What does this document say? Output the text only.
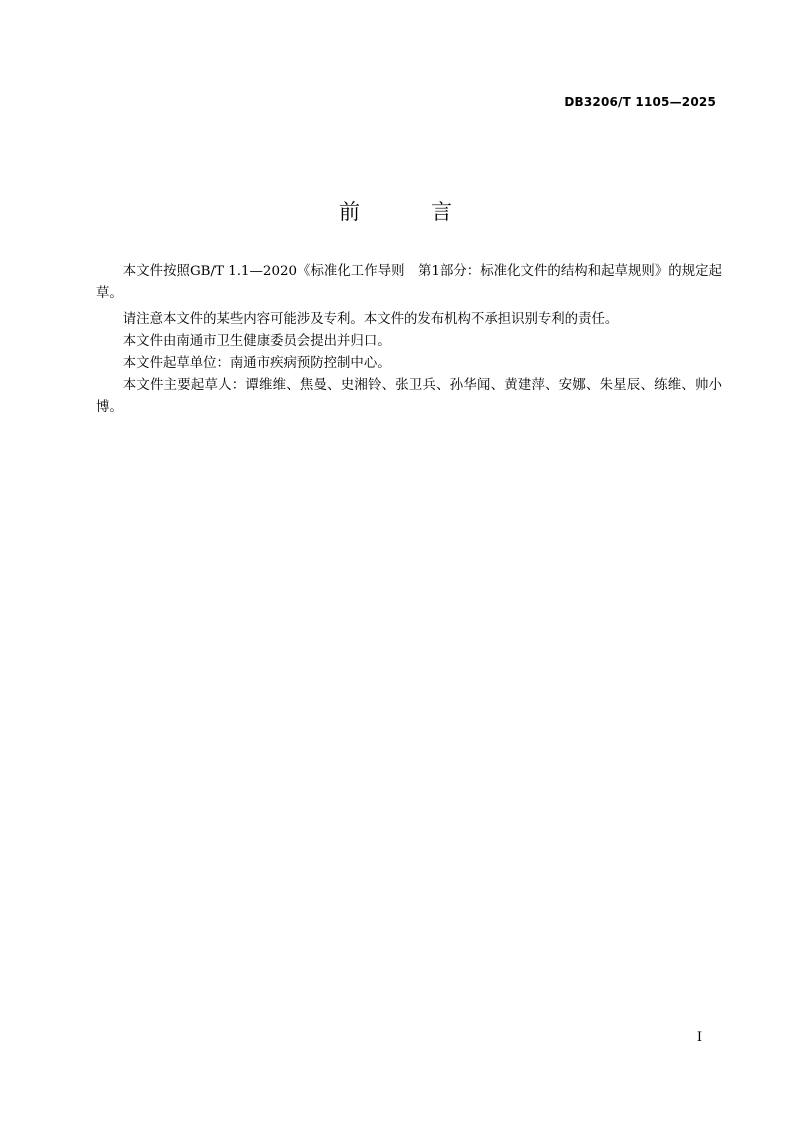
DB3206/T 1105—2025
前　　　言

本文件按照GB/T 1.1—2020《标准化工作导则　第1部分：标准化文件的结构和起草规则》的规定起草。

请注意本文件的某些内容可能涉及专利。本文件的发布机构不承担识别专利的责任。

本文件由南通市卫生健康委员会提出并归口。

本文件起草单位：南通市疾病预防控制中心。

本文件主要起草人：谭维维、焦曼、史湘铃、张卫兵、孙华闻、黄建萍、安娜、朱星辰、练维、帅小博。

I
